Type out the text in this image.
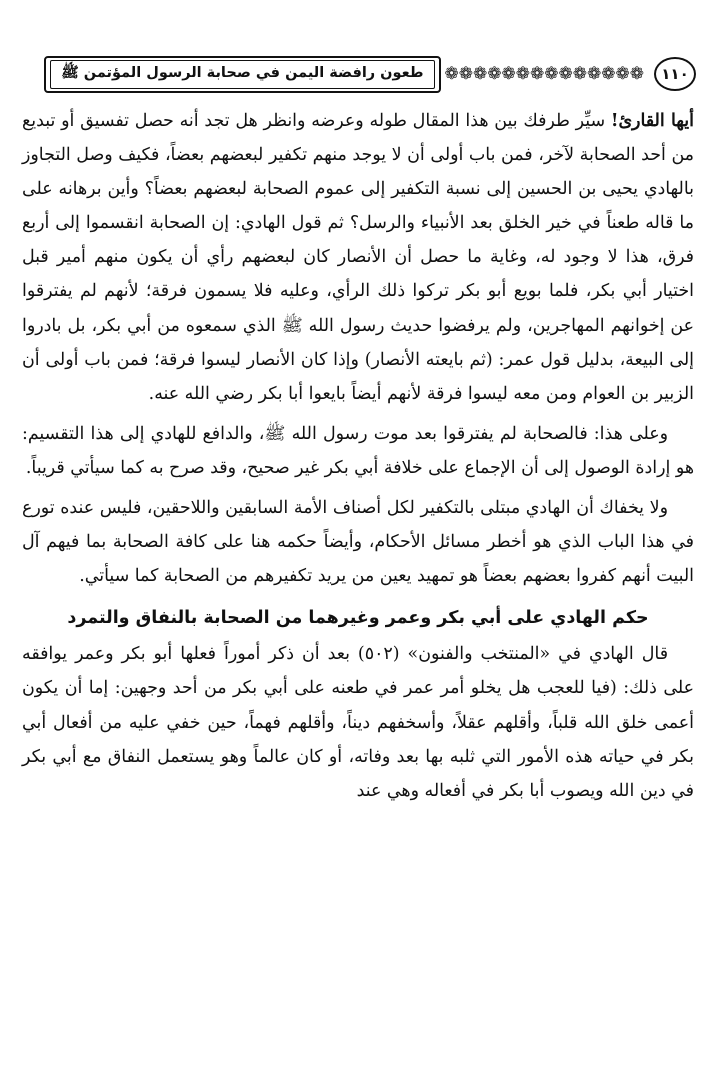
١١٠
❁
❁
❁
❁
❁
❁
❁
❁
❁
❁
❁
❁
❁
❁
طعون رافضة اليمن في صحابة الرسول المؤتمن ﷺ

أيها القارئ! سيِّر طرفك بين هذا المقال طوله وعرضه وانظر هل تجد أنه حصل تفسيق أو تبديع من أحد الصحابة لآخر، فمن باب أولى أن لا يوجد منهم تكفير لبعضهم بعضاً، فكيف وصل التجاوز بالهادي يحيى بن الحسين إلى نسبة التكفير إلى عموم الصحابة لبعضهم بعضاً؟ وأين برهانه على ما قاله طعناً في خير الخلق بعد الأنبياء والرسل؟ ثم قول الهادي: إن الصحابة انقسموا إلى أربع فرق، هذا لا وجود له، وغاية ما حصل أن الأنصار كان لبعضهم رأي أن يكون منهم أمير قبل اختيار أبي بكر، فلما بويع أبو بكر تركوا ذلك الرأي، وعليه فلا يسمون فرقة؛ لأنهم لم يفترقوا عن إخوانهم المهاجرين، ولم يرفضوا حديث رسول الله ﷺ الذي سمعوه من أبي بكر، بل بادروا إلى البيعة، بدليل قول عمر: (ثم بايعته الأنصار) وإذا كان الأنصار ليسوا فرقة؛ فمن باب أولى أن الزبير بن العوام ومن معه ليسوا فرقة لأنهم أيضاً بايعوا أبا بكر رضي الله عنه.

وعلى هذا: فالصحابة لم يفترقوا بعد موت رسول الله ﷺ، والدافع للهادي إلى هذا التقسيم: هو إرادة الوصول إلى أن الإجماع على خلافة أبي بكر غير صحيح، وقد صرح به كما سيأتي قريباً.

ولا يخفاك أن الهادي مبتلى بالتكفير لكل أصناف الأمة السابقين واللاحقين، فليس عنده تورع في هذا الباب الذي هو أخطر مسائل الأحكام، وأيضاً حكمه هنا على كافة الصحابة بما فيهم آل البيت أنهم كفروا بعضهم بعضاً هو تمهيد يعين من يريد تكفيرهم من الصحابة كما سيأتي.

حكم الهادي على أبي بكر وعمر وغيرهما من الصحابة بالنفاق والتمرد

قال الهادي في «المنتخب والفنون» (٥٠٢) بعد أن ذكر أموراً فعلها أبو بكر وعمر يوافقه على ذلك: (فيا للعجب هل يخلو أمر عمر في طعنه على أبي بكر من أحد وجهين: إما أن يكون أعمى خلق الله قلباً، وأقلهم عقلاً، وأسخفهم ديناً، وأقلهم فهماً، حين خفي عليه من أفعال أبي بكر في حياته هذه الأمور التي ثلبه بها بعد وفاته، أو كان عالماً وهو يستعمل النفاق مع أبي بكر في دين الله ويصوب أبا بكر في أفعاله وهي عند
